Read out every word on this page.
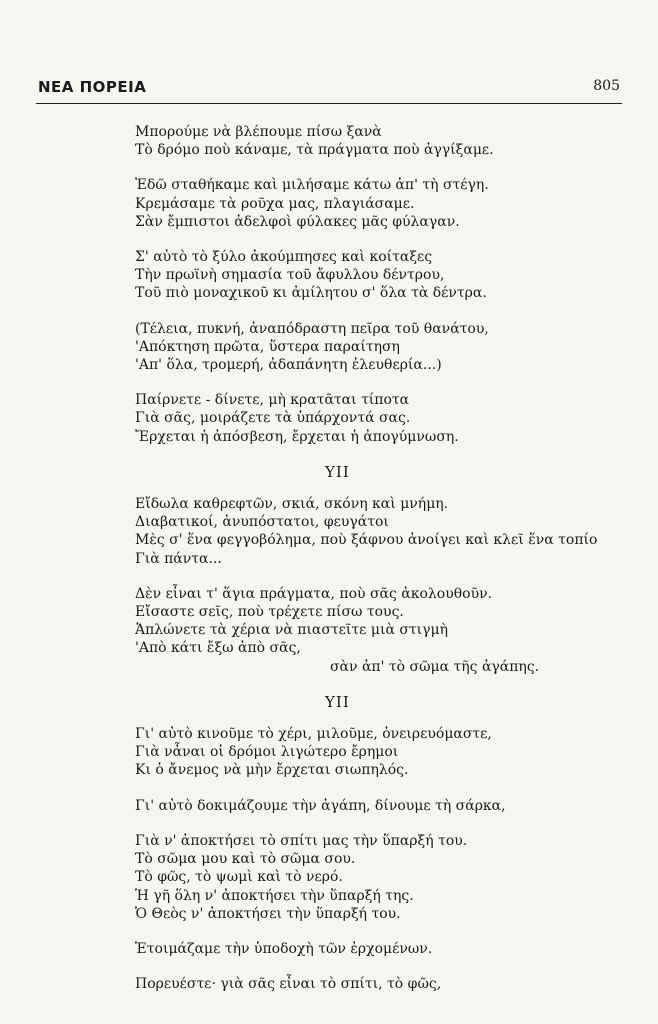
ΝΕΑ ΠΟΡΕΙΑ	805
Μπορούμε νὰ βλέπουμε πίσω ξανὰ
Τὸ δρόμο ποὺ κάναμε, τὰ πράγματα ποὺ ἀγγίξαμε.
Ἐδῶ σταθήκαμε καὶ μιλήσαμε κάτω ἀπ' τὴ στέγη.
Κρεμάσαμε τὰ ροῦχα μας, πλαγιάσαμε.
Σὰν ἔμπιστοι ἀδελφοὶ φύλακες μᾶς φύλαγαν.
Σ' αὐτὸ τὸ ξύλο ἀκούμπησες καὶ κοίταξες
Τὴν πρωϊνὴ σημασία τοῦ ἄφυλλου δέντρου,
Τοῦ πιὸ μοναχικοῦ κι ἀμίλητου σ' ὅλα τὰ δέντρα.
(Τέλεια, πυκνή, ἀναπόδραστη πεῖρα τοῦ θανάτου,
'Απόκτηση πρῶτα, ὕστερα παραίτηση
'Απ' ὅλα, τρομερή, ἀδαπάνητη ἐλευθερία...)
Παίρνετε - δίνετε, μὴ κρατᾶται τίποτα
Γιὰ σᾶς, μοιράζετε τὰ ὑπάρχοντά σας.
Ἔρχεται ἡ ἀπόσβεση, ἔρχεται ἡ ἀπογύμνωση.
ΥΙΙ
Εἴδωλα καθρεφτῶν, σκιά, σκόνη καὶ μνήμη.
Διαβατικοί, ἀνυπόστατοι, φευγάτοι
Μὲς σ' ἕνα φεγγοβόλημα, ποὺ ξάφνου ἀνοίγει καὶ κλεῖ ἕνα τοπίο
Γιὰ πάντα...
Δὲν εἶναι τ' ἅγια πράγματα, ποὺ σᾶς ἀκολουθοῦν.
Εἴσαστε σεῖς, ποὺ τρέχετε πίσω τους.
Ἁπλώνετε τὰ χέρια νὰ πιαστεῖτε μιὰ στιγμὴ
'Απὸ κάτι ἔξω ἀπὸ σᾶς,
σὰν ἀπ' τὸ σῶμα τῆς ἀγάπης.
ΥΙΙ
Γι' αὐτὸ κινοῦμε τὸ χέρι, μιλοῦμε, ὀνειρευόμαστε,
Γιὰ νἆναι οἱ δρόμοι λιγώτερο ἔρημοι
Κι ὁ ἄνεμος νὰ μὴν ἔρχεται σιωπηλός.
Γι' αὐτὸ δοκιμάζουμε τὴν ἀγάπη, δίνουμε τὴ σάρκα,
Γιὰ ν' ἀποκτήσει τὸ σπίτι μας τὴν ὕπαρξή του.
Τὸ σῶμα μου καὶ τὸ σῶμα σου.
Τὸ φῶς, τὸ ψωμὶ καὶ τὸ νερό.
Ἡ γῆ ὅλη ν' ἀποκτήσει τὴν ὕπαρξή της.
Ὁ Θεὸς ν' ἀποκτήσει τὴν ὕπαρξή του.
Ἑτοιμάζαμε τὴν ὑποδοχὴ τῶν ἐρχομένων.
Πορευέστε· γιὰ σᾶς εἶναι τὸ σπίτι, τὸ φῶς,
